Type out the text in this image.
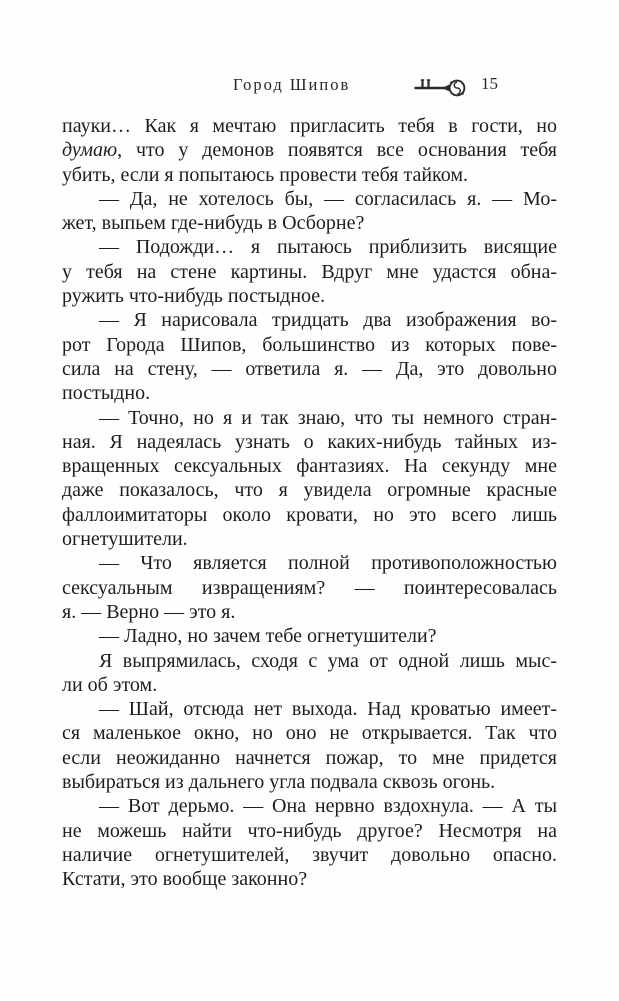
Город Шипов	15

пауки… Как я мечтаю пригласить тебя в гости, но
думаю, что у демонов появятся все основания тебя
убить, если я попытаюсь провести тебя тайком.

— Да, не хотелось бы, — согласилась я. — Мо-
жет, выпьем где-нибудь в Осборне?

— Подожди… я пытаюсь приблизить висящие
у тебя на стене картины. Вдруг мне удастся обна-
ружить что-нибудь постыдное.

— Я нарисовала тридцать два изображения во-
рот Города Шипов, большинство из которых пове-
сила на стену, — ответила я. — Да, это довольно
постыдно.

— Точно, но я и так знаю, что ты немного стран-
ная. Я надеялась узнать о каких-нибудь тайных из-
вращенных сексуальных фантазиях. На секунду мне
даже показалось, что я увидела огромные красные
фаллоимитаторы около кровати, но это всего лишь
огнетушители.

— Что является полной противоположностью
сексуальным извращениям? — поинтересовалась
я. — Верно — это я.

— Ладно, но зачем тебе огнетушители?

Я выпрямилась, сходя с ума от одной лишь мыс-
ли об этом.

— Шай, отсюда нет выхода. Над кроватью имеет-
ся маленькое окно, но оно не открывается. Так что
если неожиданно начнется пожар, то мне придется
выбираться из дальнего угла подвала сквозь огонь.

— Вот дерьмо. — Она нервно вздохнула. — А ты
не можешь найти что-нибудь другое? Несмотря на
наличие огнетушителей, звучит довольно опасно.
Кстати, это вообще законно?
